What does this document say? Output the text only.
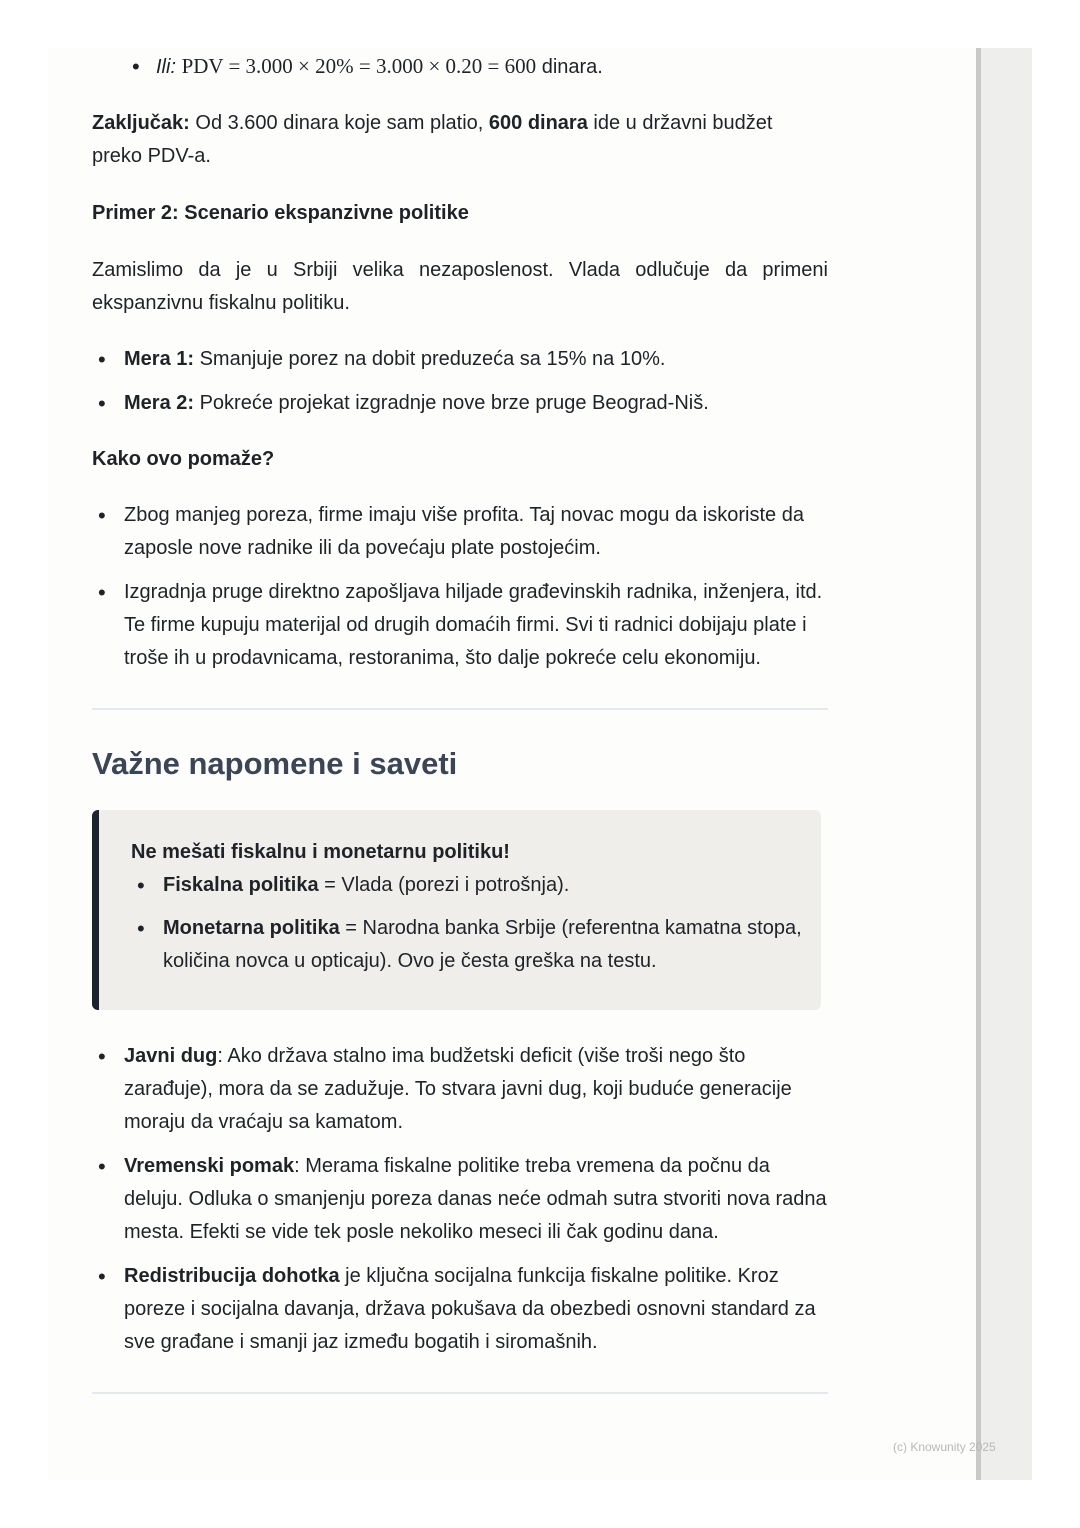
• Ili: PDV = 3.000 × 20% = 3.000 × 0.20 = 600 dinara.

Zaključak: Od 3.600 dinara koje sam platio, 600 dinara ide u državni budžet preko PDV-a.

Primer 2: Scenario ekspanzivne politike

Zamislimo da je u Srbiji velika nezaposlenost. Vlada odlučuje da primeni ekspanzivnu fiskalnu politiku.

• Mera 1: Smanjuje porez na dobit preduzeća sa 15% na 10%.
• Mera 2: Pokreće projekat izgradnje nove brze pruge Beograd-Niš.

Kako ovo pomaže?

• Zbog manjeg poreza, firme imaju više profita. Taj novac mogu da iskoriste da zaposle nove radnike ili da povećaju plate postojećim.
• Izgradnja pruge direktno zapošljava hiljade građevinskih radnika, inženjera, itd. Te firme kupuju materijal od drugih domaćih firmi. Svi ti radnici dobijaju plate i troše ih u prodavnicama, restoranima, što dalje pokreće celu ekonomiju.
Važne napomene i saveti
Ne mešati fiskalnu i monetarnu politiku!
• Fiskalna politika = Vlada (porezi i potrošnja).
• Monetarna politika = Narodna banka Srbije (referentna kamatna stopa, količina novca u opticaju). Ovo je česta greška na testu.
• Javni dug: Ako država stalno ima budžetski deficit (više troši nego što zarađuje), mora da se zadužuje. To stvara javni dug, koji buduće generacije moraju da vraćaju sa kamatom.
• Vremenski pomak: Merama fiskalne politike treba vremena da počnu da deluju. Odluka o smanjenju poreza danas neće odmah sutra stvoriti nova radna mesta. Efekti se vide tek posle nekoliko meseci ili čak godinu dana.
• Redistribucija dohotka je ključna socijalna funkcija fiskalne politike. Kroz poreze i socijalna davanja, država pokušava da obezbedi osnovni standard za sve građane i smanji jaz između bogatih i siromašnih.
(c) Knowunity 2025
